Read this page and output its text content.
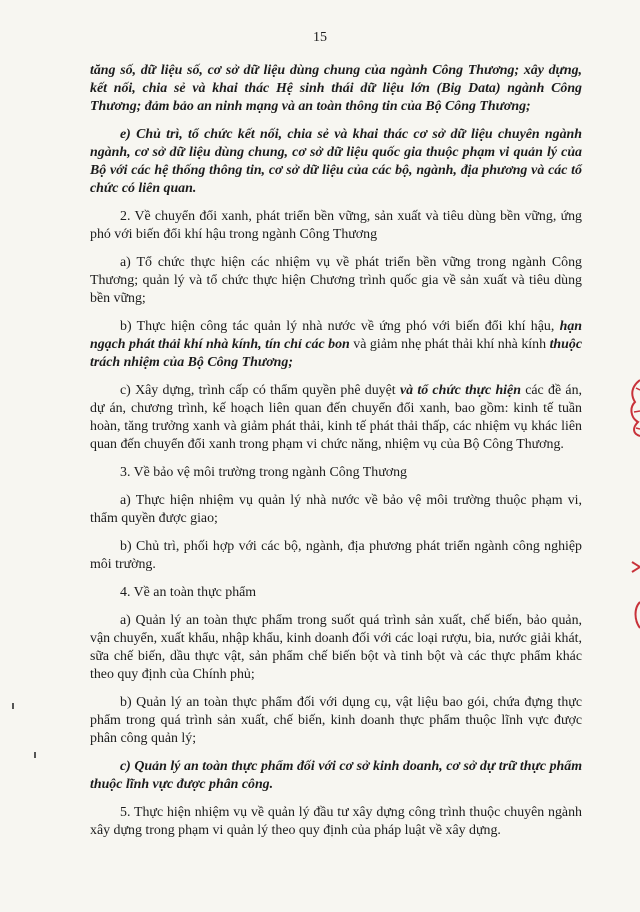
15

tăng số, dữ liệu số, cơ sở dữ liệu dùng chung của ngành Công Thương; xây dựng, kết nối, chia sẻ và khai thác Hệ sinh thái dữ liệu lớn (Big Data) ngành Công Thương; đảm bảo an ninh mạng và an toàn thông tin của Bộ Công Thương;

e) Chủ trì, tổ chức kết nối, chia sẻ và khai thác cơ sở dữ liệu chuyên ngành ngành, cơ sở dữ liệu dùng chung, cơ sở dữ liệu quốc gia thuộc phạm vi quản lý của Bộ với các hệ thống thông tin, cơ sở dữ liệu của các bộ, ngành, địa phương và các tổ chức có liên quan.

2. Về chuyển đổi xanh, phát triển bền vững, sản xuất và tiêu dùng bền vững, ứng phó với biến đổi khí hậu trong ngành Công Thương

a) Tổ chức thực hiện các nhiệm vụ về phát triển bền vững trong ngành Công Thương; quản lý và tổ chức thực hiện Chương trình quốc gia về sản xuất và tiêu dùng bền vững;

b) Thực hiện công tác quản lý nhà nước về ứng phó với biến đổi khí hậu, hạn ngạch phát thải khí nhà kính, tín chỉ các bon và giảm nhẹ phát thải khí nhà kính thuộc trách nhiệm của Bộ Công Thương;

c) Xây dựng, trình cấp có thẩm quyền phê duyệt và tổ chức thực hiện các đề án, dự án, chương trình, kế hoạch liên quan đến chuyển đổi xanh, bao gồm: kinh tế tuần hoàn, tăng trưởng xanh và giảm phát thải, kinh tế phát thải thấp, các nhiệm vụ khác liên quan đến chuyển đổi xanh trong phạm vi chức năng, nhiệm vụ của Bộ Công Thương.

3. Về bảo vệ môi trường trong ngành Công Thương

a) Thực hiện nhiệm vụ quản lý nhà nước về bảo vệ môi trường thuộc phạm vi, thẩm quyền được giao;

b) Chủ trì, phối hợp với các bộ, ngành, địa phương phát triển ngành công nghiệp môi trường.

4. Về an toàn thực phẩm

a) Quản lý an toàn thực phẩm trong suốt quá trình sản xuất, chế biến, bảo quản, vận chuyển, xuất khẩu, nhập khẩu, kinh doanh đối với các loại rượu, bia, nước giải khát, sữa chế biến, dầu thực vật, sản phẩm chế biến bột và tinh bột và các thực phẩm khác theo quy định của Chính phủ;

b) Quản lý an toàn thực phẩm đối với dụng cụ, vật liệu bao gói, chứa đựng thực phẩm trong quá trình sản xuất, chế biến, kinh doanh thực phẩm thuộc lĩnh vực được phân công quản lý;

c) Quản lý an toàn thực phẩm đối với cơ sở kinh doanh, cơ sở dự trữ thực phẩm thuộc lĩnh vực được phân công.

5. Thực hiện nhiệm vụ về quản lý đầu tư xây dựng công trình thuộc chuyên ngành xây dựng trong phạm vi quản lý theo quy định của pháp luật về xây dựng.
